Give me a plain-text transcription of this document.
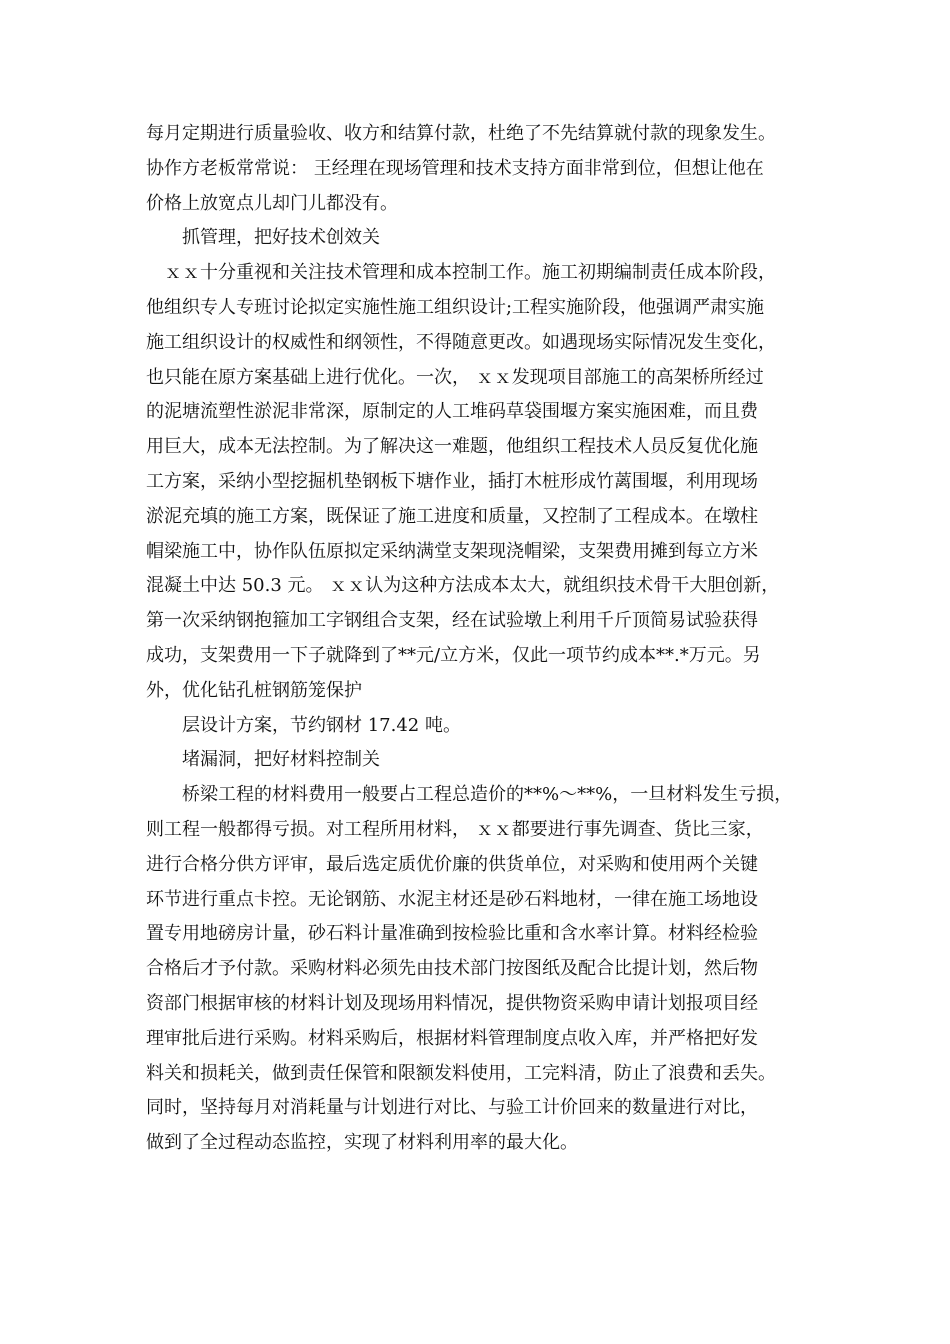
每月定期进行质量验收、收方和结算付款，杜绝了不先结算就付款的现象发生。
协作方老板常常说： 王经理在现场管理和技术支持方面非常到位，但想让他在
价格上放宽点儿却门儿都没有。
　　抓管理，把好技术创效关
　ｘｘ十分重视和关注技术管理和成本控制工作。施工初期编制责任成本阶段，
他组织专人专班讨论拟定实施性施工组织设计;工程实施阶段，他强调严肃实施
施工组织设计的权威性和纲领性，不得随意更改。如遇现场实际情况发生变化，
也只能在原方案基础上进行优化。一次， ｘｘ发现项目部施工的高架桥所经过
的泥塘流塑性淤泥非常深，原制定的人工堆码草袋围堰方案实施困难，而且费
用巨大，成本无法控制。为了解决这一难题，他组织工程技术人员反复优化施
工方案，采纳小型挖掘机垫钢板下塘作业，插打木桩形成竹蓠围堰，利用现场
淤泥充填的施工方案，既保证了施工进度和质量，又控制了工程成本。在墩柱
帽梁施工中，协作队伍原拟定采纳满堂支架现浇帽梁，支架费用摊到每立方米
混凝土中达 50.3 元。 ｘｘ认为这种方法成本太大，就组织技术骨干大胆创新，
第一次采纳钢抱箍加工字钢组合支架，经在试验墩上利用千斤顶简易试验获得
成功，支架费用一下子就降到了**元/立方米，仅此一项节约成本**.*万元。另
外，优化钻孔桩钢筋笼保护
　　层设计方案，节约钢材 17.42 吨。
　　堵漏洞，把好材料控制关
　　桥梁工程的材料费用一般要占工程总造价的**%～**%，一旦材料发生亏损，
则工程一般都得亏损。对工程所用材料， ｘｘ都要进行事先调查、货比三家，
进行合格分供方评审，最后选定质优价廉的供货单位，对采购和使用两个关键
环节进行重点卡控。无论钢筋、水泥主材还是砂石料地材，一律在施工场地设
置专用地磅房计量，砂石料计量准确到按检验比重和含水率计算。材料经检验
合格后才予付款。采购材料必须先由技术部门按图纸及配合比提计划，然后物
资部门根据审核的材料计划及现场用料情况，提供物资采购申请计划报项目经
理审批后进行采购。材料采购后，根据材料管理制度点收入库，并严格把好发
料关和损耗关，做到责任保管和限额发料使用，工完料清，防止了浪费和丢失。
同时，坚持每月对消耗量与计划进行对比、与验工计价回来的数量进行对比，
做到了全过程动态监控，实现了材料利用率的最大化。
